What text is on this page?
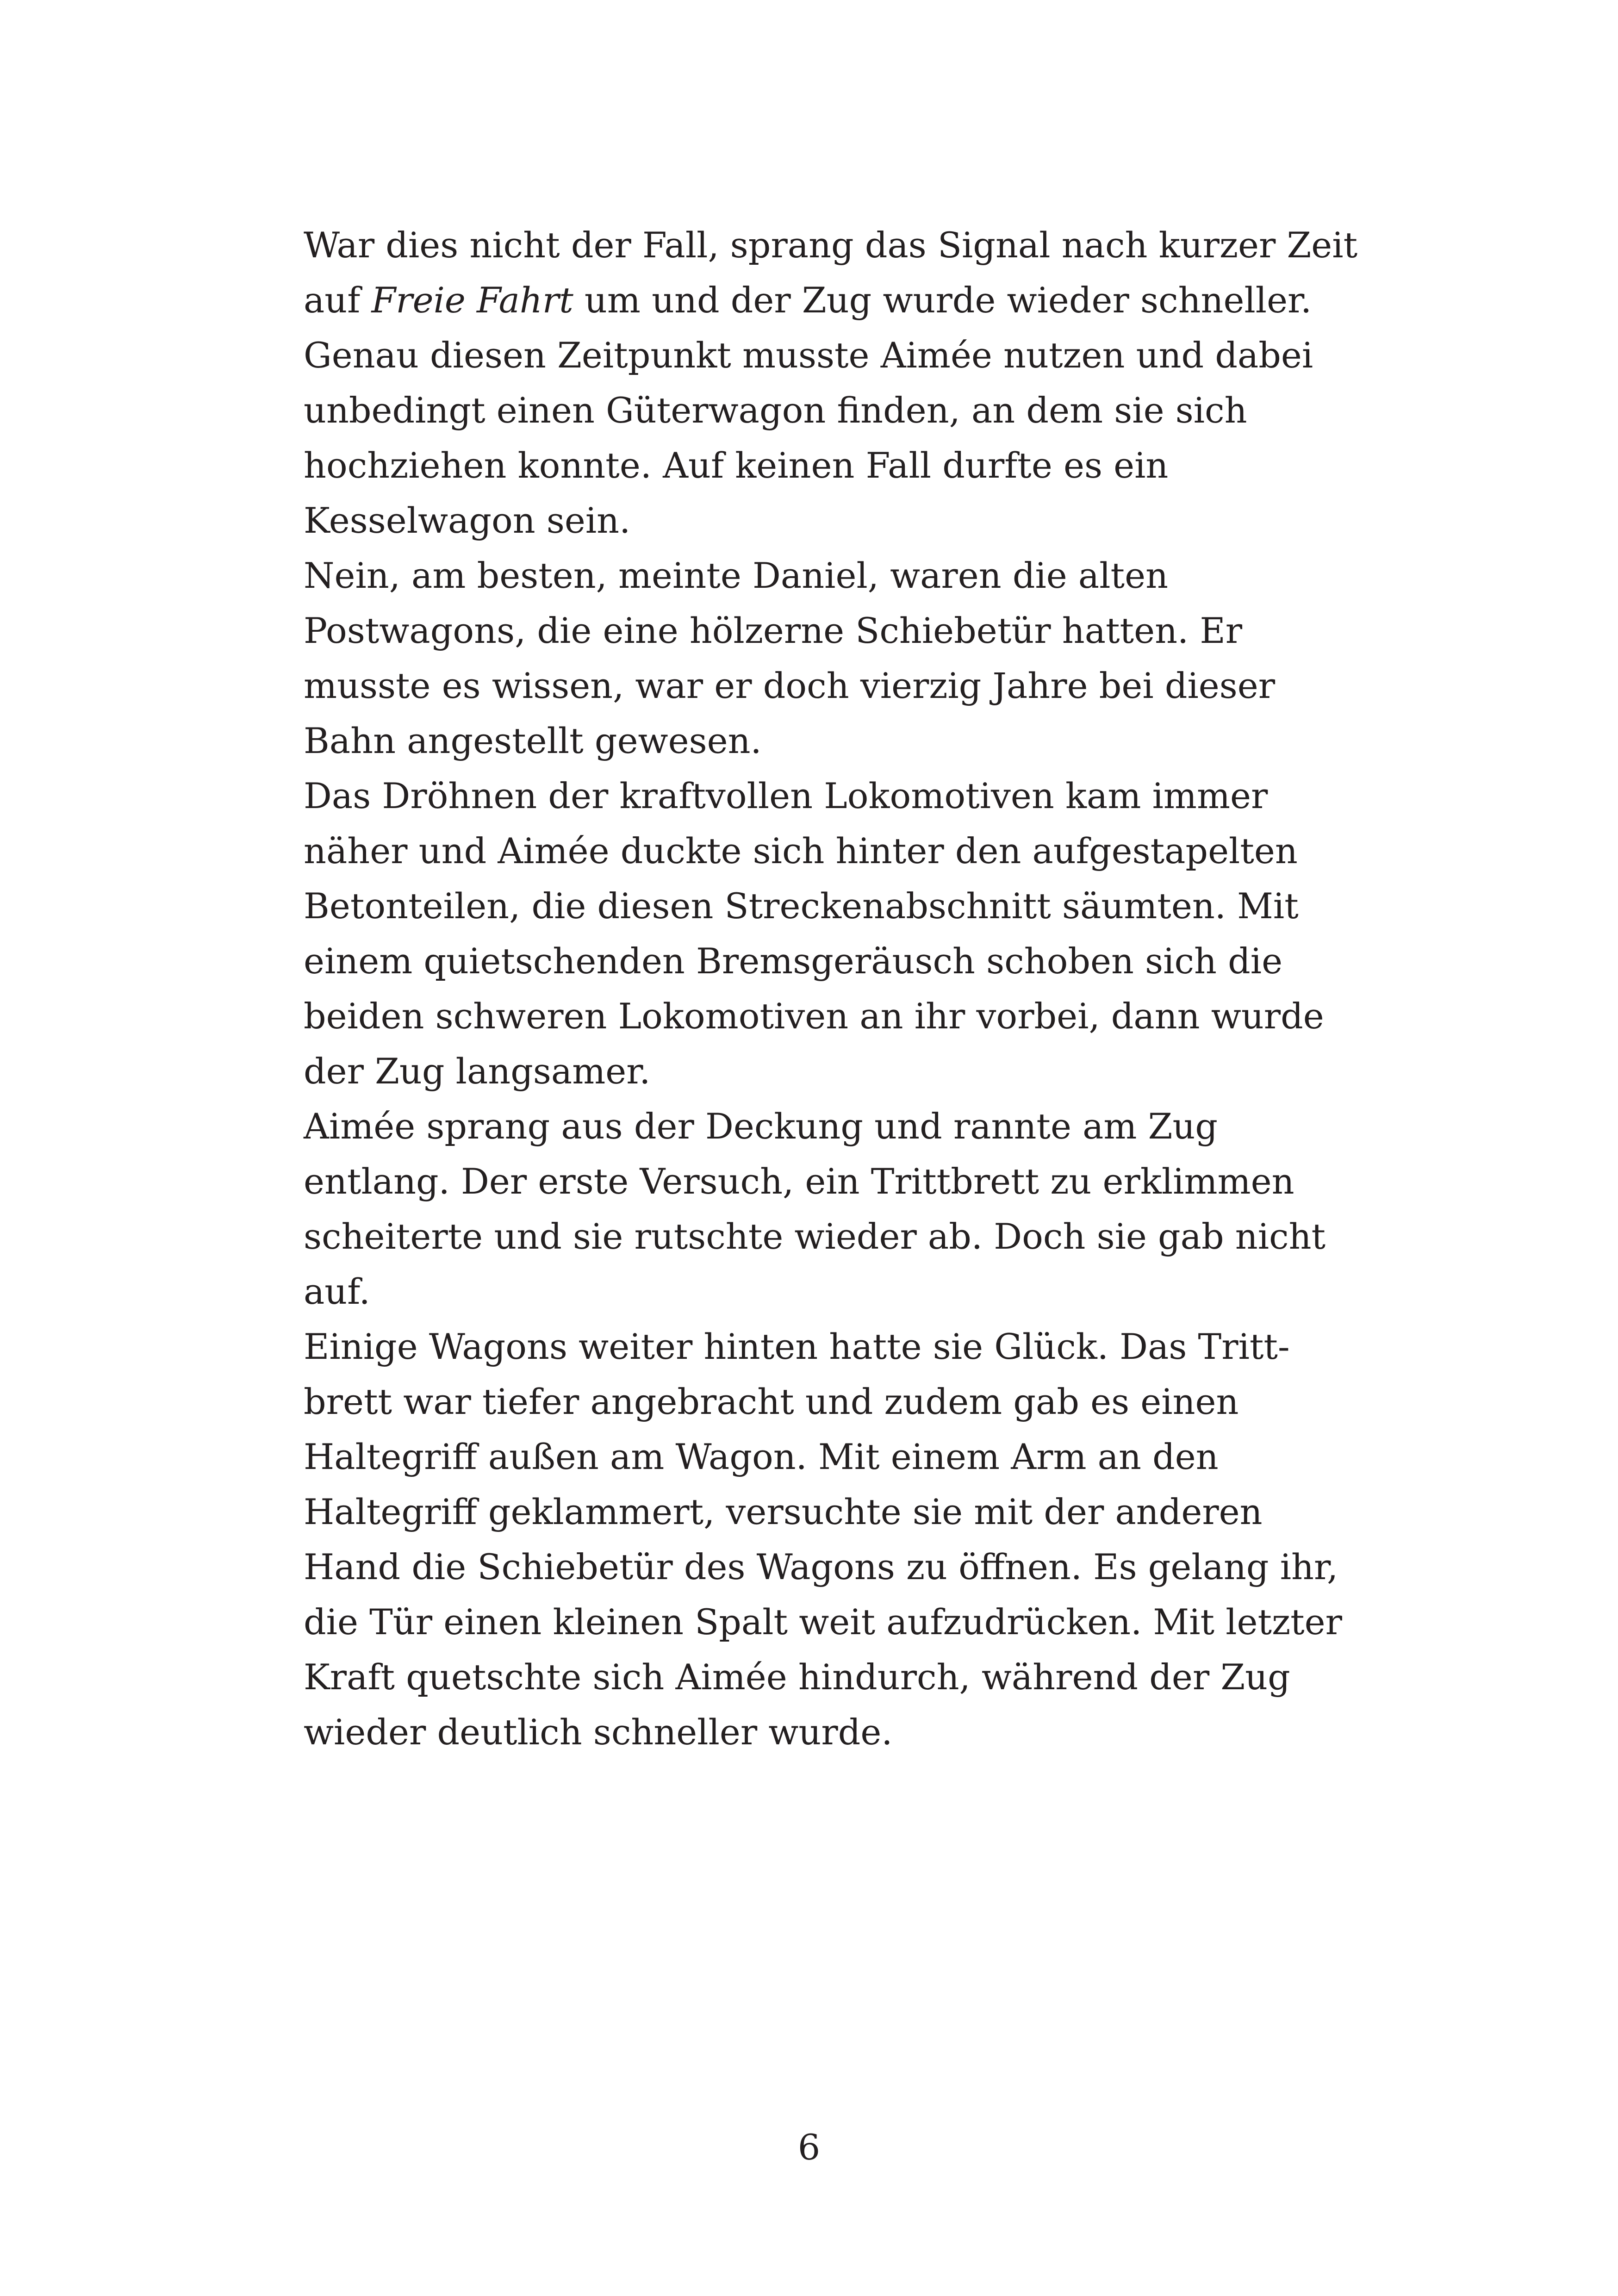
War dies nicht der Fall, sprang das Signal nach kurzer Zeit
auf Freie Fahrt um und der Zug wurde wieder schneller.
Genau diesen Zeitpunkt musste Aimée nutzen und dabei
unbedingt einen Güterwagon finden, an dem sie sich
hochziehen konnte. Auf keinen Fall durfte es ein
Kesselwagon sein.
Nein, am besten, meinte Daniel, waren die alten
Postwagons, die eine hölzerne Schiebetür hatten. Er
musste es wissen, war er doch vierzig Jahre bei dieser
Bahn angestellt gewesen.
Das Dröhnen der kraftvollen Lokomotiven kam immer
näher und Aimée duckte sich hinter den aufgestapelten
Betonteilen, die diesen Streckenabschnitt säumten. Mit
einem quietschenden Bremsgeräusch schoben sich die
beiden schweren Lokomotiven an ihr vorbei, dann wurde
der Zug langsamer.
Aimée sprang aus der Deckung und rannte am Zug
entlang. Der erste Versuch, ein Trittbrett zu erklimmen
scheiterte und sie rutschte wieder ab. Doch sie gab nicht
auf.
Einige Wagons weiter hinten hatte sie Glück. Das Tritt-
brett war tiefer angebracht und zudem gab es einen
Haltegriff außen am Wagon. Mit einem Arm an den
Haltegriff geklammert, versuchte sie mit der anderen
Hand die Schiebetür des Wagons zu öffnen. Es gelang ihr,
die Tür einen kleinen Spalt weit aufzudrücken. Mit letzter
Kraft quetschte sich Aimée hindurch, während der Zug
wieder deutlich schneller wurde.
6
